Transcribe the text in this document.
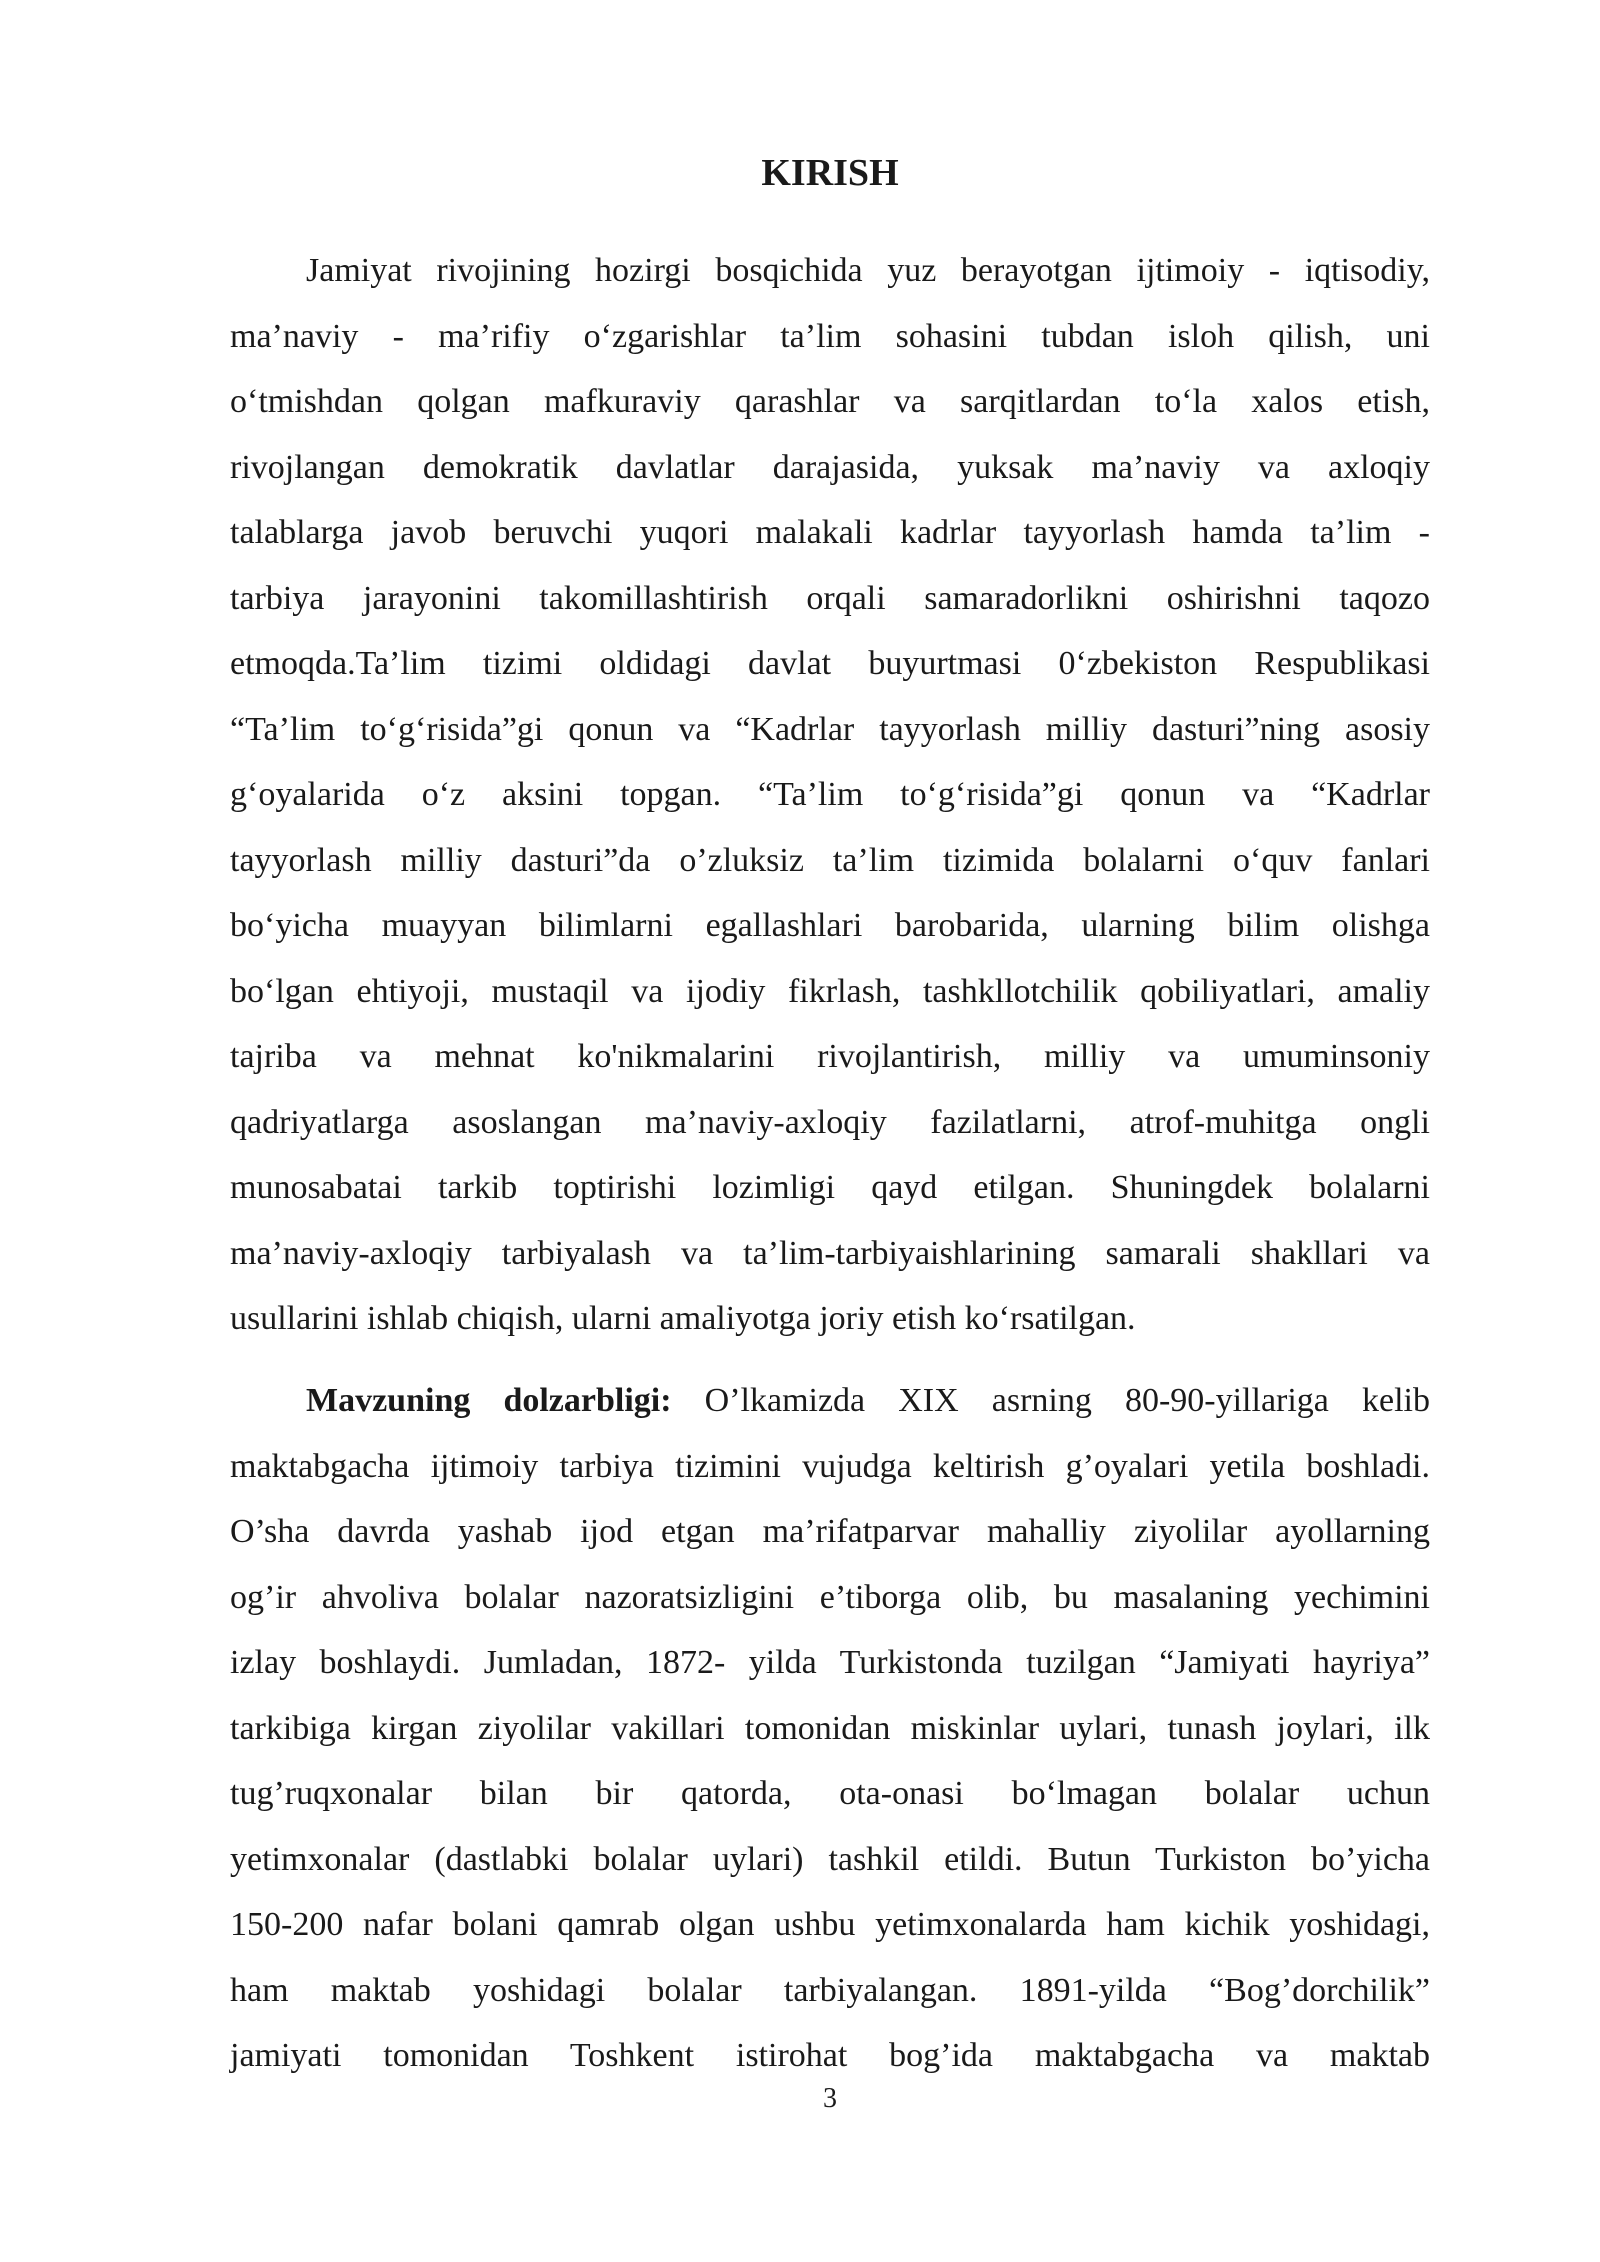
KIRISH
Jamiyat rivojining hozirgi bosqichida yuz berayotgan ijtimoiy - iqtisodiy,
ma’naviy - ma’rifiy o‘zgarishlar ta’lim sohasini tubdan isloh qilish, uni
o‘tmishdan qolgan mafkuraviy qarashlar va sarqitlardan to‘la xalos etish,
rivojlangan demokratik davlatlar darajasida, yuksak ma’naviy va axloqiy
talablarga javob beruvchi yuqori malakali kadrlar tayyorlash hamda ta’lim -
tarbiya jarayonini takomillashtirish orqali samaradorlikni oshirishni taqozo
etmoqda.Ta’lim tizimi oldidagi davlat buyurtmasi 0‘zbekiston Respublikasi
“Ta’lim to‘g‘risida”gi qonun va “Kadrlar tayyorlash milliy dasturi”ning asosiy
g‘oyalarida o‘z aksini topgan. “Ta’lim to‘g‘risida”gi qonun va “Kadrlar
tayyorlash milliy dasturi”da o’zluksiz ta’lim tizimida bolalarni o‘quv fanlari
bo‘yicha muayyan bilimlarni egallashlari barobarida, ularning bilim olishga
bo‘lgan ehtiyoji, mustaqil va ijodiy fikrlash, tashkllotchilik qobiliyatlari, amaliy
tajriba va mehnat ko'nikmalarini rivojlantirish, milliy va umuminsoniy
qadriyatlarga asoslangan ma’naviy-axloqiy fazilatlarni, atrof-muhitga ongli
munosabatai tarkib toptirishi lozimligi qayd etilgan. Shuningdek bolalarni
ma’naviy-axloqiy tarbiyalash va ta’lim-tarbiyaishlarining samarali shakllari va
usullarini ishlab chiqish, ularni amaliyotga joriy etish ko‘rsatilgan.
Mavzuning dolzarbligi: O’lkamizda XIX asrning 80-90-yillariga kelib
maktabgacha ijtimoiy tarbiya tizimini vujudga keltirish g’oyalari yetila boshladi.
O’sha davrda yashab ijod etgan ma’rifatparvar mahalliy ziyolilar ayollarning
og’ir ahvoliva bolalar nazoratsizligini e’tiborga olib, bu masalaning yechimini
izlay boshlaydi. Jumladan, 1872- yilda Turkistonda tuzilgan “Jamiyati hayriya”
tarkibiga kirgan ziyolilar vakillari tomonidan miskinlar uylari, tunash joylari, ilk
tug’ruqxonalar bilan bir qatorda, ota-onasi bo‘lmagan bolalar uchun
yetimxonalar (dastlabki bolalar uylari) tashkil etildi. Butun Turkiston bo’yicha
150-200 nafar bolani qamrab olgan ushbu yetimxonalarda ham kichik yoshidagi,
ham maktab yoshidagi bolalar tarbiyalangan. 1891-yilda “Bog’dorchilik”
jamiyati tomonidan Toshkent istirohat bog’ida maktabgacha va maktab
3
